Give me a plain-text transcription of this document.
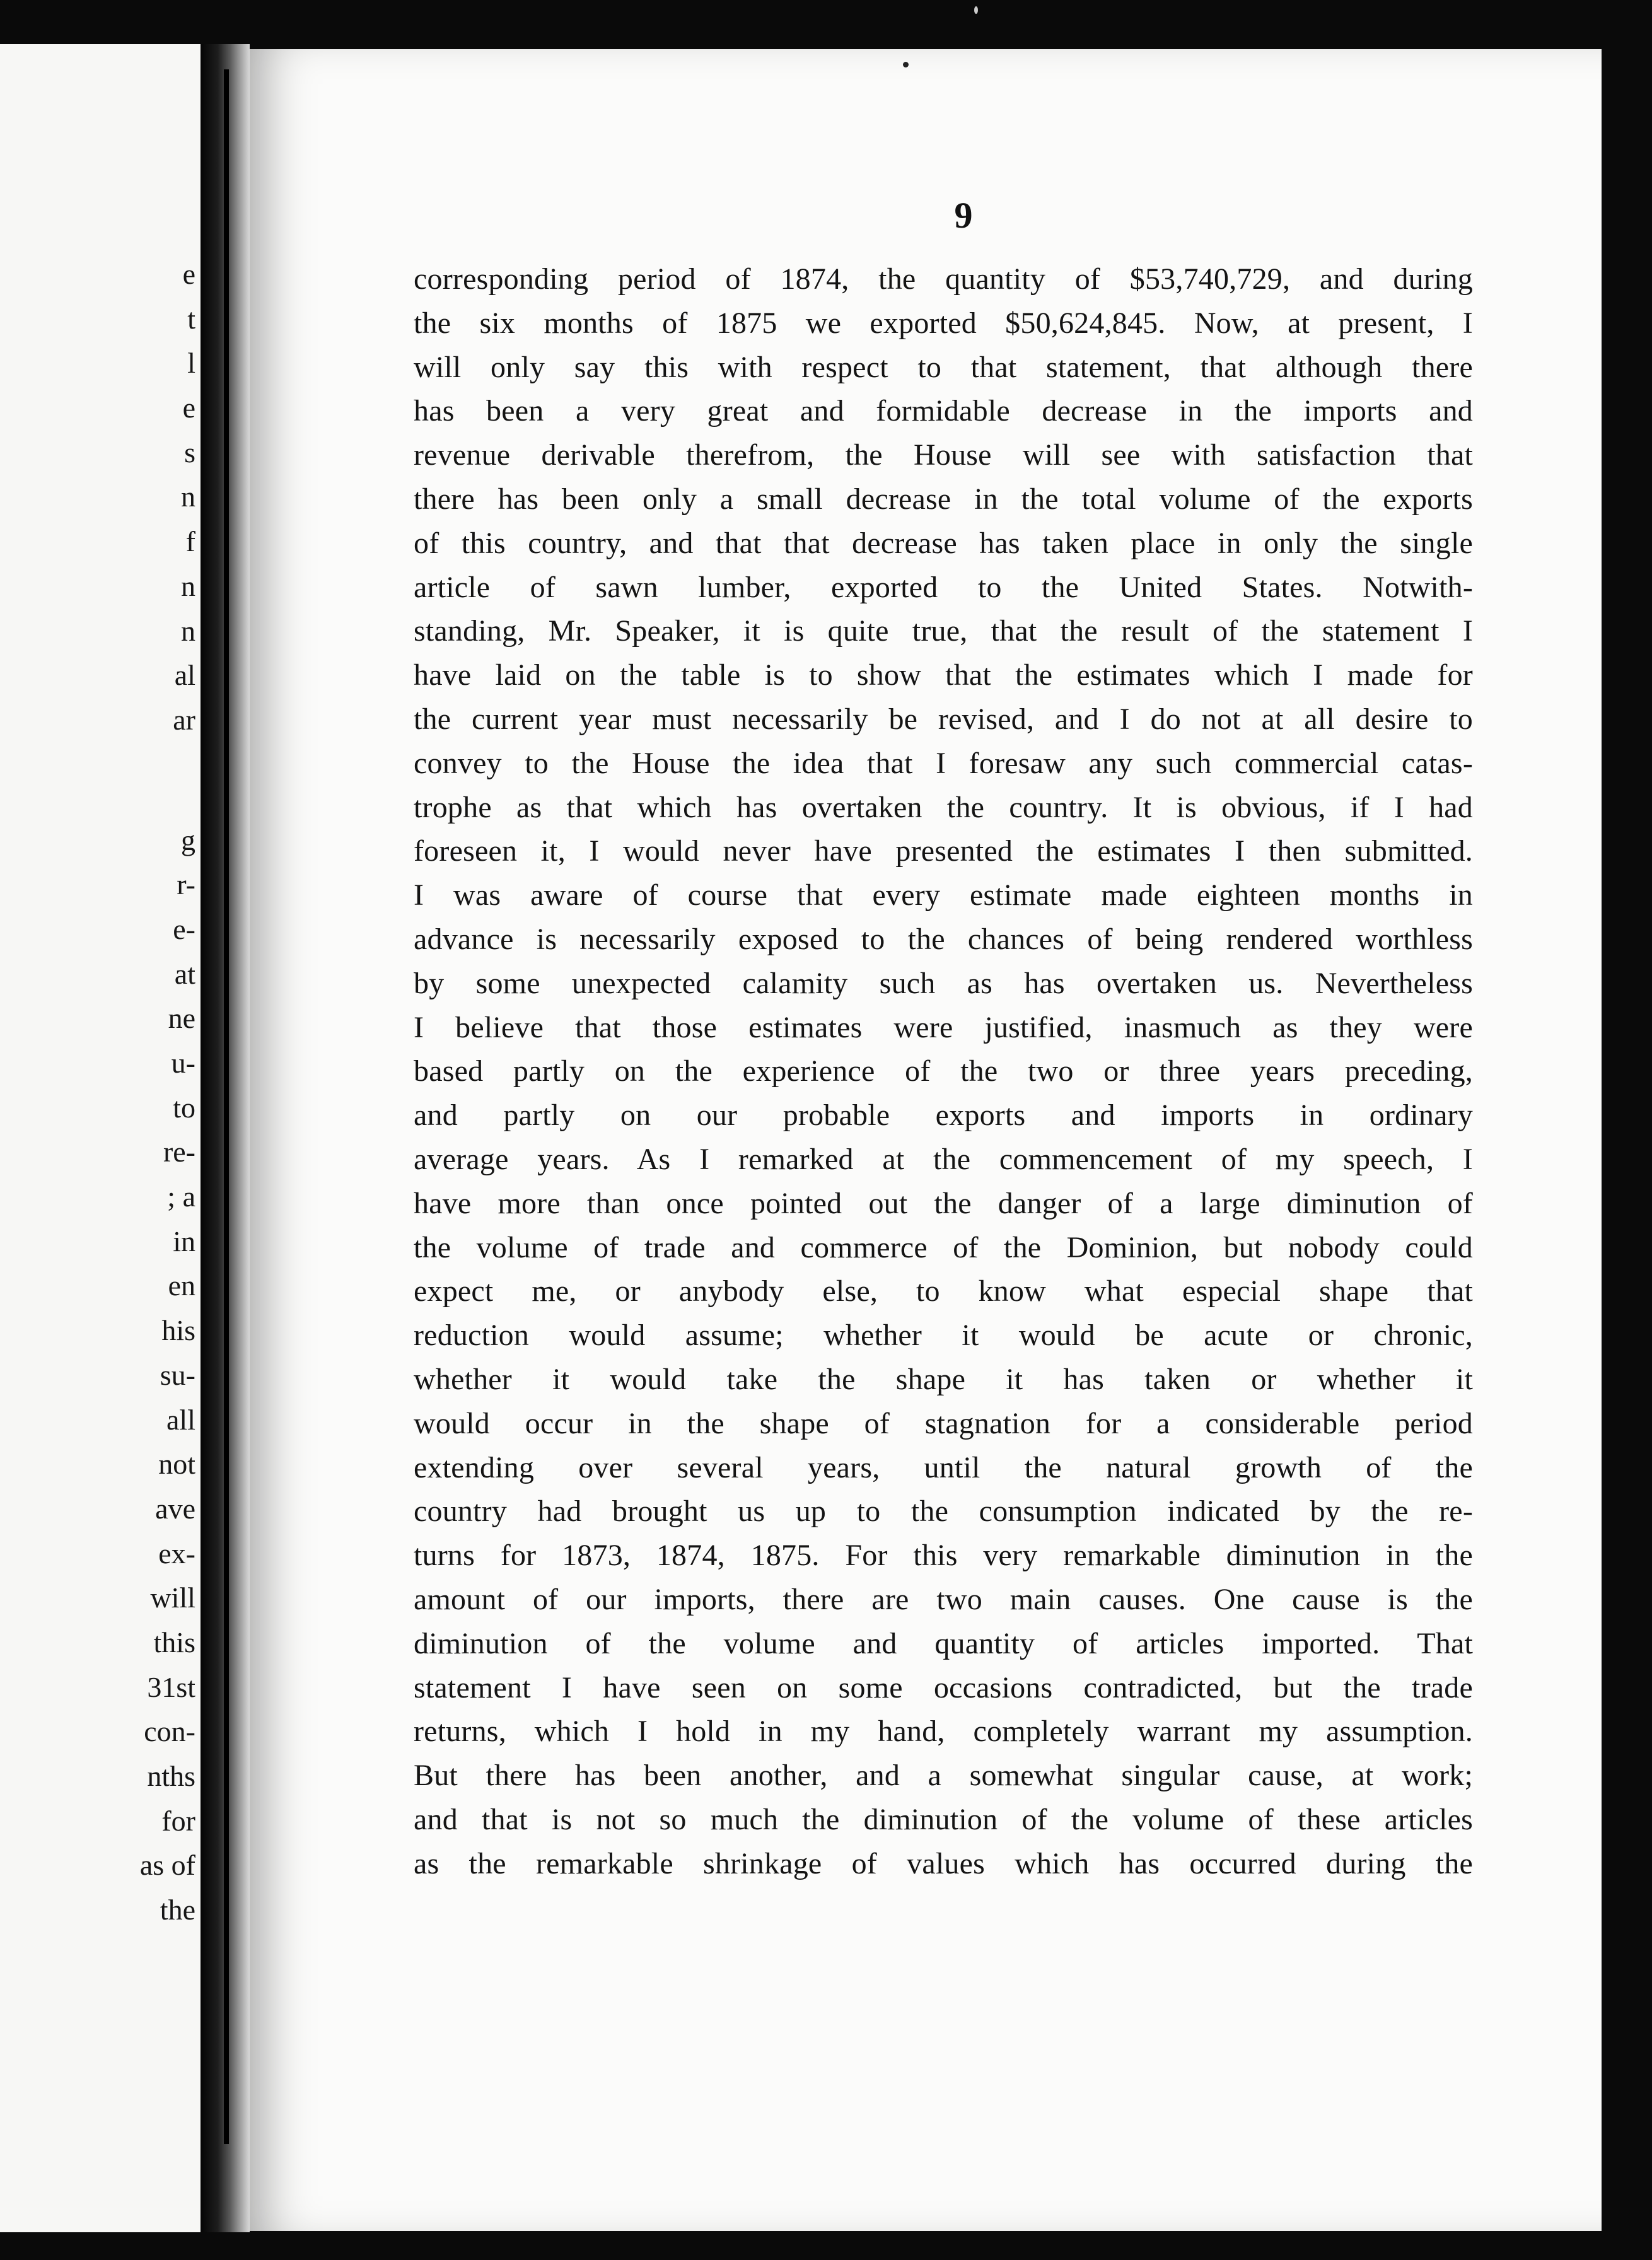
e
t
l
e
s
n
f
n
n
al
ar
g
r-
e-
at
ne
u-
to
re-
; a
in
en
his
su-
all
not
ave
ex-
will
this
31st
con-
nths
for
as of
the
9
corresponding period of 1874, the quantity of $53,740,729, and during
the six months of 1875 we exported $50,624,845. Now, at present, I
will only say this with respect to that statement, that although there
has been a very great and formidable decrease in the imports and
revenue derivable therefrom, the House will see with satisfaction that
there has been only a small decrease in the total volume of the exports
of this country, and that that decrease has taken place in only the single
article of sawn lumber, exported to the United States. Notwith-
standing, Mr. Speaker, it is quite true, that the result of the statement I
have laid on the table is to show that the estimates which I made for
the current year must necessarily be revised, and I do not at all desire to
convey to the House the idea that I foresaw any such commercial catas-
trophe as that which has overtaken the country. It is obvious, if I had
foreseen it, I would never have presented the estimates I then submitted.
I was aware of course that every estimate made eighteen months in
advance is necessarily exposed to the chances of being rendered worthless
by some unexpected calamity such as has overtaken us. Nevertheless
I believe that those estimates were justified, inasmuch as they were
based partly on the experience of the two or three years preceding,
and partly on our probable exports and imports in ordinary
average years. As I remarked at the commencement of my speech, I
have more than once pointed out the danger of a large diminution of
the volume of trade and commerce of the Dominion, but nobody could
expect me, or anybody else, to know what especial shape that
reduction would assume; whether it would be acute or chronic,
whether it would take the shape it has taken or whether it
would occur in the shape of stagnation for a considerable period
extending over several years, until the natural growth of the
country had brought us up to the consumption indicated by the re-
turns for 1873, 1874, 1875. For this very remarkable diminution in the
amount of our imports, there are two main causes. One cause is the
diminution of the volume and quantity of articles imported. That
statement I have seen on some occasions contradicted, but the trade
returns, which I hold in my hand, completely warrant my assumption.
But there has been another, and a somewhat singular cause, at work;
and that is not so much the diminution of the volume of these articles
as the remarkable shrinkage of values which has occurred during the
